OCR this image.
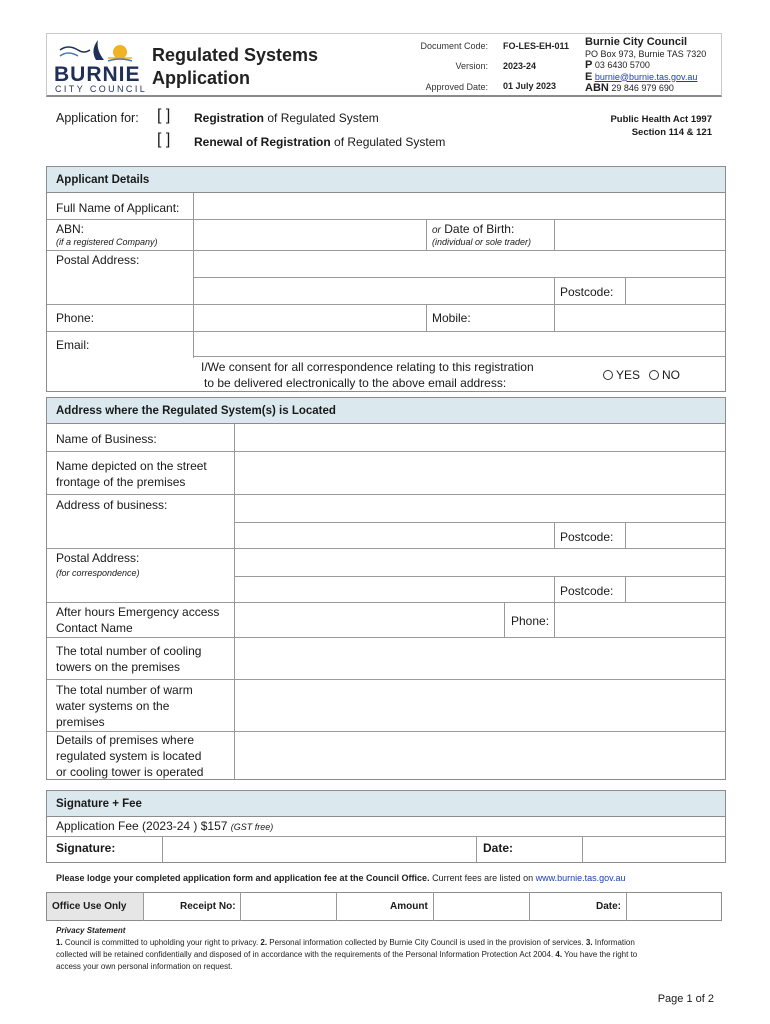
BURNIE
CITY COUNCIL
Regulated Systems
Application
Document Code: FO-LES-EH-011
Version: 2023-24
Approved Date: 01 July 2023
Burnie City Council
PO Box 973, Burnie TAS 7320
P 03 6430 5700
E burnie@burnie.tas.gov.au
ABN 29 846 979 690
Application for: [ ] Registration of Regulated System
[ ] Renewal of Registration of Regulated System
Public Health Act 1997
Section 114 & 121
Applicant Details
Full Name of Applicant:
ABN:
(if a registered Company)
or Date of Birth:
(individual or sole trader)
Postal Address:
Postcode:
Phone:	Mobile:
Email:
I/We consent for all correspondence relating to this registration
to be delivered electronically to the above email address:
YES	NO
Address where the Regulated System(s) is Located
Name of Business:
Name depicted on the street
frontage of the premises
Address of business:
Postcode:
Postal Address:
(for correspondence)
Postcode:
After hours Emergency access
Contact Name	Phone:
The total number of cooling
towers on the premises
The total number of warm
water systems on the
premises
Details of premises where
regulated system is located
or cooling tower is operated
Signature + Fee
Application Fee (2023-24 ) $157 (GST free)
Signature:	Date:
Please lodge your completed application form and application fee at the Council Office. Current fees are listed on www.burnie.tas.gov.au
Office Use Only	Receipt No:	Amount	Date:
Privacy Statement
1. Council is committed to upholding your right to privacy. 2. Personal information collected by Burnie City Council is used in the provision of services. 3. Information collected will be retained confidentially and disposed of in accordance with the requirements of the Personal Information Protection Act 2004. 4. You have the right to access your own personal information on request.
Page 1 of 2
